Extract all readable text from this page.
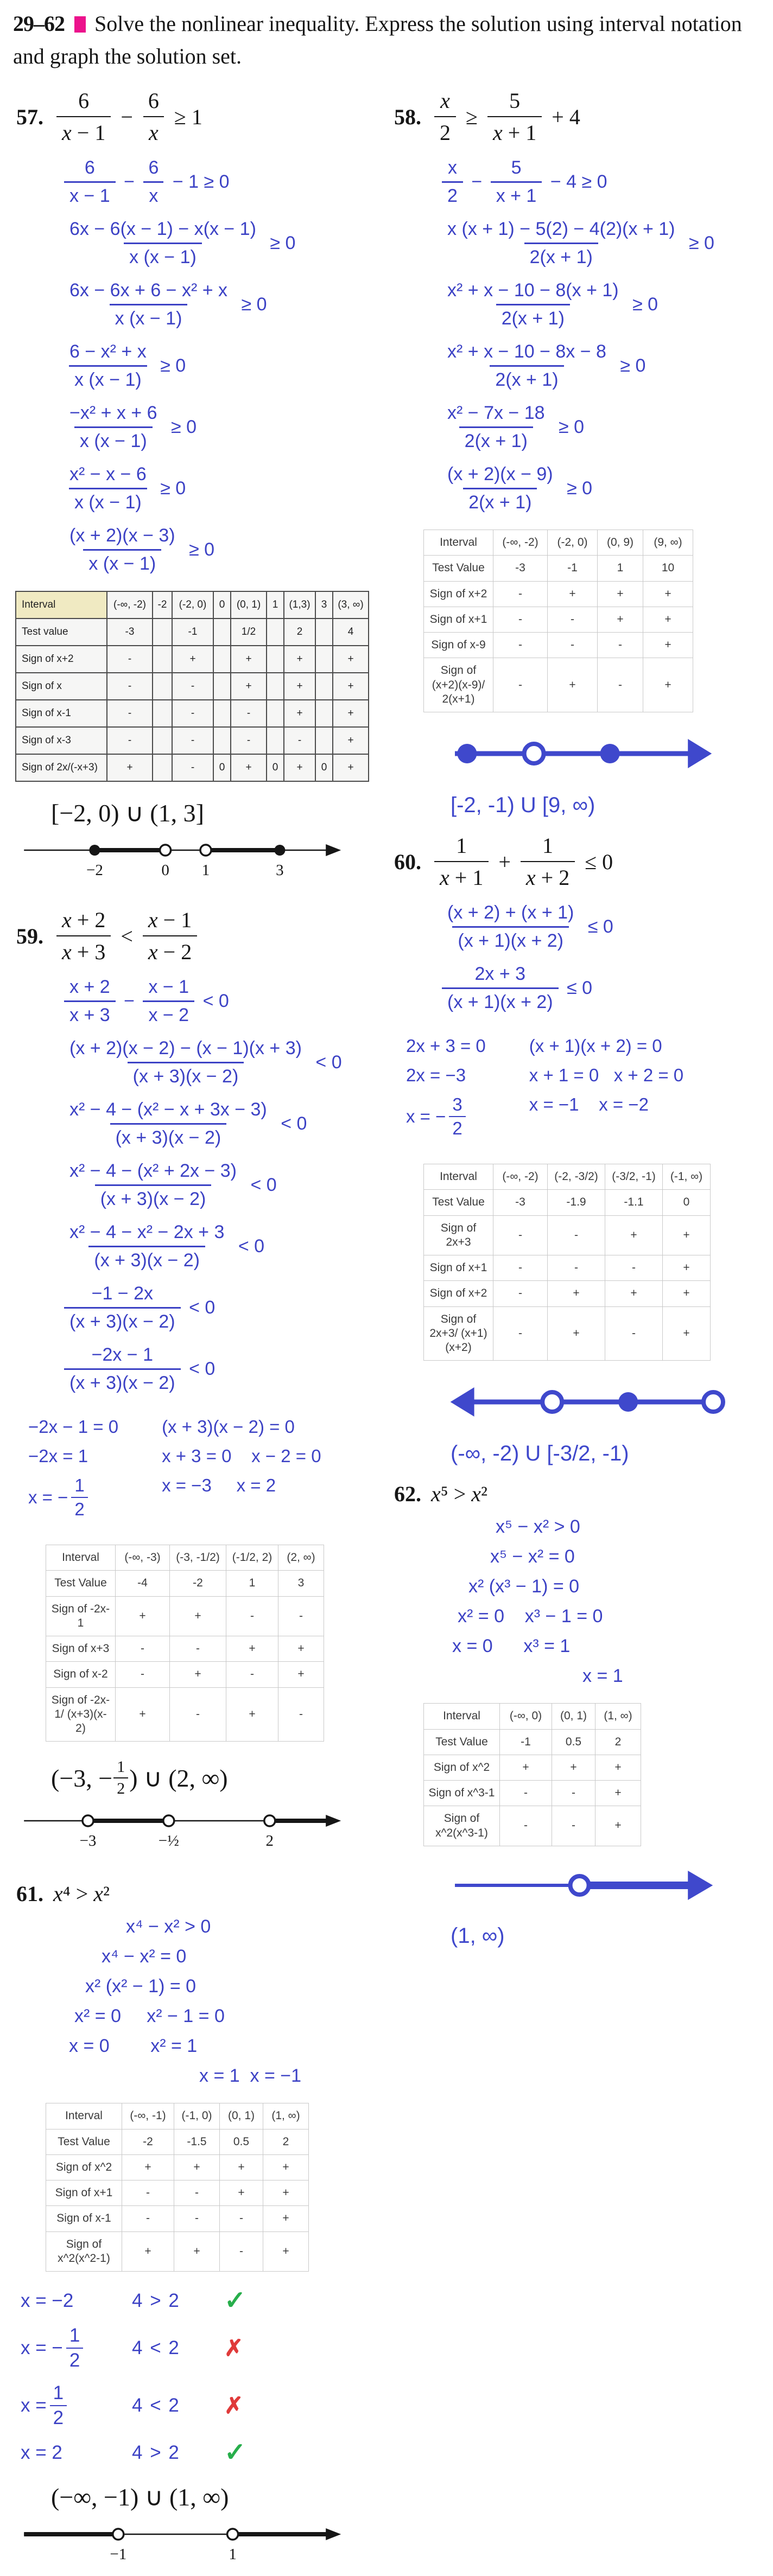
29–62 Solve the nonlinear inequality. Express the solution using interval notation and graph the solution set.
57. $\frac{6}{x - 1} - \frac{6}{x} \ge 1$
$\frac{6}{x - 1} - \frac{6}{x} - 1 \ge 0$
$\frac{6x - 6(x - 1) - x(x - 1)}{x (x - 1)} \ge 0$
$\frac{\text{6x − 6x + 6 − x² + x}}{x (x - 1)} \ge 0$
$\frac{\text{6 − x² + x}}{x (x - 1)} \ge 0$
$\frac{\text{−x² + x + 6}}{x (x - 1)} \ge 0$
$\frac{\text{x² − x − 6}}{x (x - 1)} \ge 0$
$\frac{(x + 2)(x - 3)}{x (x - 1)} \ge 0$
Interval	(-∞, -2)	-2	(-2, 0)	0	(0, 1)	1	(1,3)	3	(3, ∞)
Test value	-3		-1		1/2		2		4
Sign of x+2	-		+		+		+		+
Sign of x	-		-		+		+		+
Sign of x-1	-		-		-		+		+
Sign of x-3	-		-		-		-		+
Sign of 2x/(-x+3)	+		-	0	+	0	+	0	+
[−2, 0) ∪ (1, 3]
−2	0 1	3
59. $\frac{x + 2}{x + 3} < \frac{x - 1}{x - 2}$
$\frac{x + 2}{x + 3} - \frac{x - 1}{x - 2} < 0$
$\frac{(x + 2)(x - 2) - (x - 1)(x + 3)}{(x + 3)(x - 2)} < 0$
$\frac{\text{x² − 4 − (x² − x + 3x − 3)}}{(x + 3)(x - 2)} < 0$
$\frac{\text{x² − 4 − (x² + 2x − 3)}}{(x + 3)(x - 2)} < 0$
$\frac{\text{x² − 4 − x² − 2x + 3}}{(x + 3)(x - 2)} < 0$
$\frac{-1 - 2x}{(x + 3)(x - 2)} < 0$
$\frac{-2x - 1}{(x + 3)(x - 2)} < 0$
−2x − 1 = 0
−2x = 1
x = − $\frac{1}{2}$
(x + 3)(x − 2) = 0
x + 3 = 0    x − 2 = 0
x = −3     x = 2
Interval	(-∞, -3)	(-3, -1/2)	(-1/2, 2)	(2, ∞)
Test Value	-4	-2	1	3
Sign of -2x-1	+	+	-	-
Sign of x+3	-	-	+	+
Sign of x-2	-	+	-	+
Sign of -2x-1/ (x+3)(x-2)	+	-	+	-
(−3, − $\frac{1}{2}$ ) ∪ (2, ∞)
−3	−½	2
61. x⁴ > x²
x⁴ − x² > 0
x⁴ − x² = 0
x² (x² − 1) = 0
x² = 0     x² − 1 = 0
x = 0        x² = 1
x = 1  x = −1
Interval	(-∞, -1)	(-1, 0)	(0, 1)	(1, ∞)
Test Value	-2	-1.5	0.5	2
Sign of x^2	+	+	+	+
Sign of x+1	-	-	+	+
Sign of x-1	-	-	-	+
Sign of x^2(x^2-1)	+	+	-	+
x = −2	4 > 2	✓
x = − $\frac{1}{2}$	4 < 2	✗
$x = \frac{1}{2}$	4 < 2	✗
x = 2	4 > 2	✓
(−∞, −1) ∪ (1, ∞)
−1	1
58. $\frac{x}{2} \ge \frac{5}{x + 1} + 4$
$\frac{x}{2} - \frac{5}{x + 1} - 4 \ge 0$
$\frac{x (x + 1) - 5(2) - 4(2)(x + 1)}{2(x + 1)} \ge 0$
$\frac{\text{x² + x − 10 − 8(x + 1)}}{2(x + 1)} \ge 0$
$\frac{\text{x² + x − 10 − 8x − 8}}{2(x + 1)} \ge 0$
$\frac{\text{x² − 7x − 18}}{2(x + 1)} \ge 0$
$\frac{(x + 2)(x - 9)}{2(x + 1)} \ge 0$
Interval	(-∞, -2)	(-2, 0)	(0, 9)	(9, ∞)
Test Value	-3	-1	1	10
Sign of x+2	-	+	+	+
Sign of x+1	-	-	+	+
Sign of x-9	-	-	-	+
Sign of (x+2)(x-9)/ 2(x+1)	-	+	-	+
[-2, -1) U [9, ∞)
60. $\frac{1}{x + 1} + \frac{1}{x + 2} \le 0$
$\frac{(x + 2) + (x + 1)}{(x + 1)(x + 2)} \le 0$
$\frac{2x + 3}{(x + 1)(x + 2)} \le 0$
2x + 3 = 0
2x = −3
x = − $\frac{3}{2}$
(x + 1)(x + 2) = 0
x + 1 = 0   x + 2 = 0
x = −1    x = −2
Interval	(-∞, -2)	(-2, -3/2)	(-3/2, -1)	(-1, ∞)
Test Value	-3	-1.9	-1.1	0
Sign of 2x+3	-	-	+	+
Sign of x+1	-	-	-	+
Sign of x+2	-	+	+	+
Sign of 2x+3/ (x+1)(x+2)	-	+	-	+
(-∞, -2) U [-3/2, -1)
62. x⁵ > x²
x⁵ − x² > 0
x⁵ − x² = 0
x² (x³ − 1) = 0
x² = 0    x³ − 1 = 0
x = 0      x³ = 1
x = 1
Interval	(-∞, 0)	(0, 1)	(1, ∞)
Test Value	-1	0.5	2
Sign of x^2	+	+	+
Sign of x^3-1	-	-	+
Sign of x^2(x^3-1)	-	-	+
(1, ∞)
